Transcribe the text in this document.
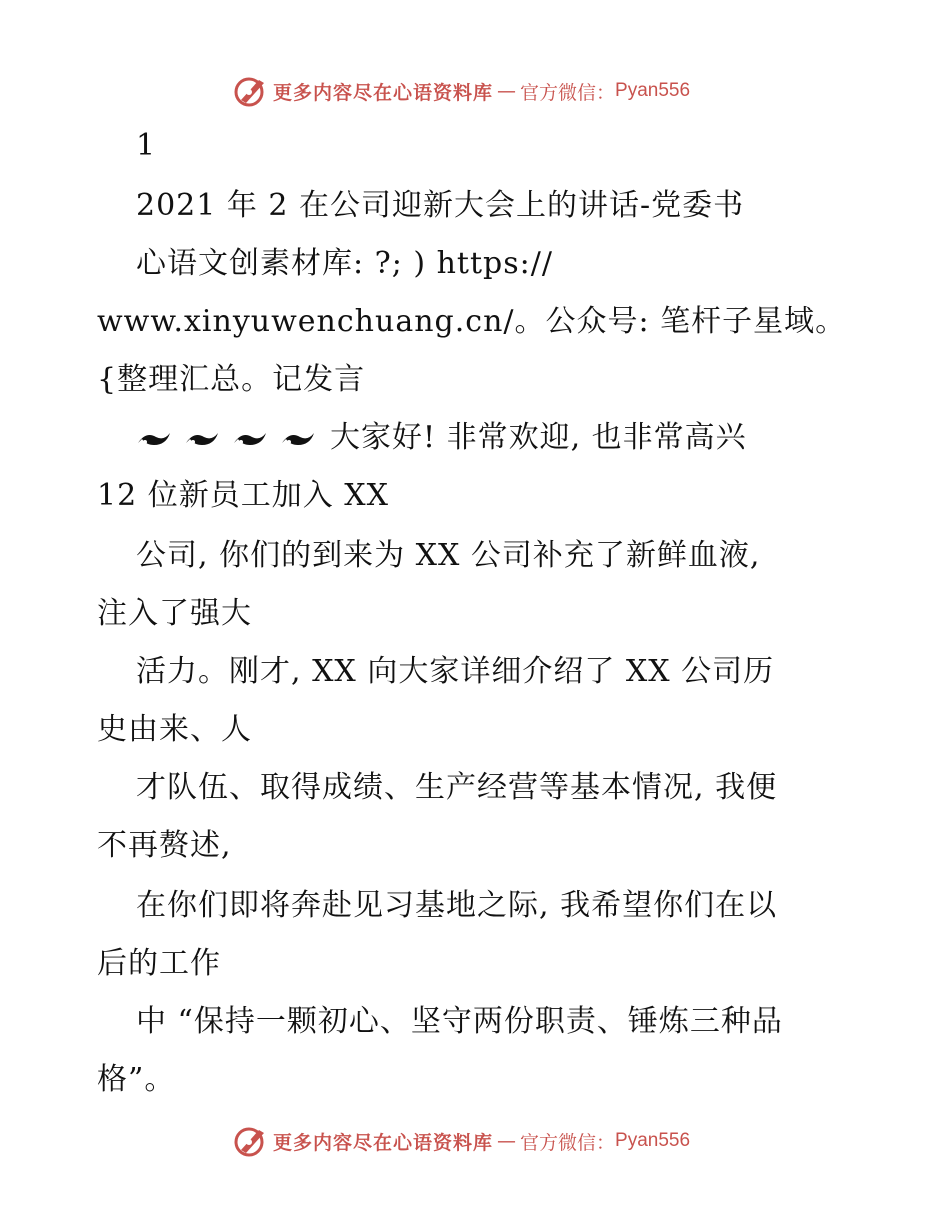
更多内容尽在心语资料库 — 官方微信： Pyan556
1
2021 年 2 在公司迎新大会上的讲话-党委书
心语文创素材库: ?; ) https://
www.xinyuwenchuang.cn/。公众号: 笔杆子星域。
{整理汇总。记发言
大家好! 非常欢迎, 也非常高兴
12 位新员工加入 XX
公司, 你们的到来为 XX 公司补充了新鲜血液,
注入了强大
活力。刚才, XX 向大家详细介绍了 XX 公司历
史由来、人
才队伍、取得成绩、生产经营等基本情况, 我便
不再赘述,
在你们即将奔赴见习基地之际, 我希望你们在以
后的工作
中 “保持一颗初心、坚守两份职责、锤炼三种品
格”。
更多内容尽在心语资料库 — 官方微信： Pyan556
